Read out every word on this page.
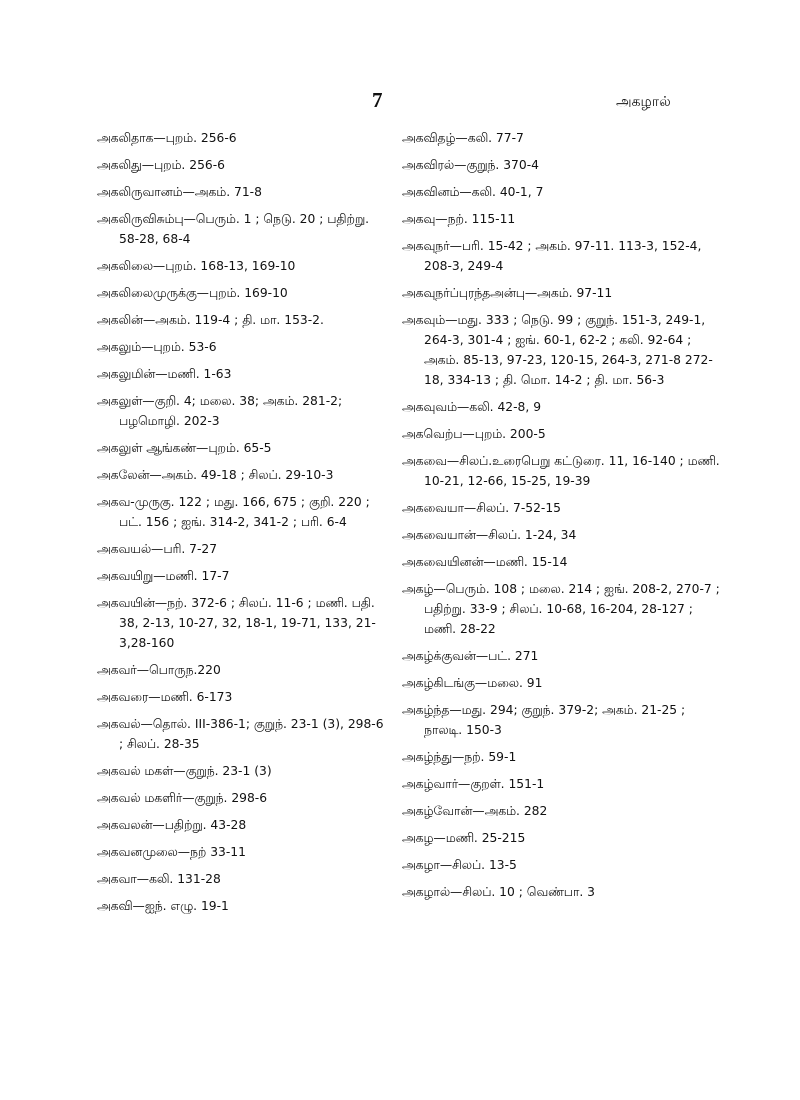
7	அகழால்
அகலிதாக—புறம். 256-6
அகலிது—புறம். 256-6
அகலிருவானம்—அகம். 71-8
அகலிருவிசும்பு—பெரும். 1 ; நெடு. 20 ; பதிற்று. 58-28, 68-4
அகலிலை—புறம். 168-13, 169-10
அகலிலைமுருக்கு—புறம். 169-10
அகலின்—அகம். 119-4 ; தி. மா. 153-2.
அகலும்—புறம். 53-6
அகலுமின்—மணி. 1-63
அகலுள்—குறி. 4; மலை. 38; அகம். 281-2; பழமொழி. 202-3
அகலுள் ஆங்கண்—புறம். 65-5
அகலேன்—அகம். 49-18 ; சிலப். 29-10-3
அகவ-முருகு. 122 ; மது. 166, 675 ; குறி. 220 ; பட். 156 ; ஐங். 314-2, 341-2 ; பரி. 6-4
அகவயல்—பரி. 7-27
அகவயிறு—மணி. 17-7
அகவயின்—நற். 372-6 ; சிலப். 11-6 ; மணி. பதி. 38, 2-13, 10-27, 32, 18-1, 19-71, 133, 21-3,28-160
அகவர்—பொருந.220
அகவரை—மணி. 6-173
அகவல்—தொல். III-386-1; குறுந். 23-1 (3), 298-6 ; சிலப். 28-35
அகவல் மகள்—குறுந். 23-1 (3)
அகவல் மகளிர்—குறுந். 298-6
அகவலன்—பதிற்று. 43-28
அகவனமுலை—நற் 33-11
அகவா—கலி. 131-28
அகவி—ஐந். எழு. 19-1
அகவிதழ்—கலி. 77-7
அகவிரல்—குறுந். 370-4
அகவினம்—கலி. 40-1, 7
அகவு—நற். 115-11
அகவுநர்—பரி. 15-42 ; அகம். 97-11. 113-3, 152-4, 208-3, 249-4
அகவுநர்ப்புரந்தஅன்பு—அகம். 97-11
அகவும்—மது. 333 ; நெடு. 99 ; குறுந். 151-3, 249-1, 264-3, 301-4 ; ஐங். 60-1, 62-2 ; கலி. 92-64 ; அகம். 85-13, 97-23, 120-15, 264-3, 271-8 272-18, 334-13 ; தி. மொ. 14-2 ; தி. மா. 56-3
அகவுவம்—கலி. 42-8, 9
அகவெற்ப—புறம். 200-5
அகவை—சிலப்.உரைபெறு கட்டுரை. 11, 16-140 ; மணி. 10-21, 12-66, 15-25, 19-39
அகவையா—சிலப். 7-52-15
அகவையான்—சிலப். 1-24, 34
அகவையினன்—மணி. 15-14
அகழ்—பெரும். 108 ; மலை. 214 ; ஐங். 208-2, 270-7 ; பதிற்று. 33-9 ; சிலப். 10-68, 16-204, 28-127 ; மணி. 28-22
அகழ்க்குவன்—பட். 271
அகழ்கிடங்கு—மலை. 91
அகழ்ந்த—மது. 294; குறுந். 379-2; அகம். 21-25 ; நாலடி. 150-3
அகழ்ந்து—நற். 59-1
அகழ்வார்—குறள். 151-1
அகழ்வோன்—அகம். 282
அகழ—மணி. 25-215
அகழா—சிலப். 13-5
அகழால்—சிலப். 10 ; வெண்பா. 3
